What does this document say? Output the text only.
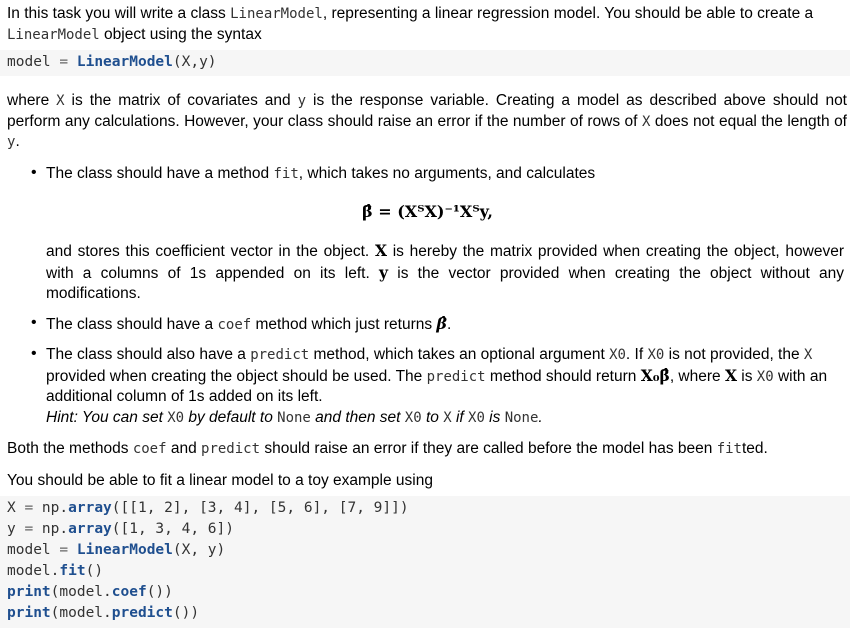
In this task you will write a class LinearModel, representing a linear regression model. You should be able to create a LinearModel object using the syntax
model = LinearModel(X,y)
where X is the matrix of covariates and y is the response variable. Creating a model as described above should not perform any calculations. However, your class should raise an error if the number of rows of X does not equal the length of y.
• The class should have a method fit, which takes no arguments, and calculates
β̂ = (XᵀX)⁻¹Xᵀy,
and stores this coefficient vector in the object. X is hereby the matrix provided when creating the object, however with a columns of 1s appended on its left. y is the vector provided when creating the object without any modifications.
• The class should have a coef method which just returns β̂.
• The class should also have a predict method, which takes an optional argument X0. If X0 is not provided, the X provided when creating the object should be used. The predict method should return X₀β̂, where X is X0 with an additional column of 1s added on its left.
Hint: You can set X0 by default to None and then set X0 to X if X0 is None.
Both the methods coef and predict should raise an error if they are called before the model has been fitted.
You should be able to fit a linear model to a toy example using
X = np.array([[1, 2], [3, 4], [5, 6], [7, 9]])
y = np.array([1, 3, 4, 6])
model = LinearModel(X, y)
model.fit()
print(model.coef())
print(model.predict())
